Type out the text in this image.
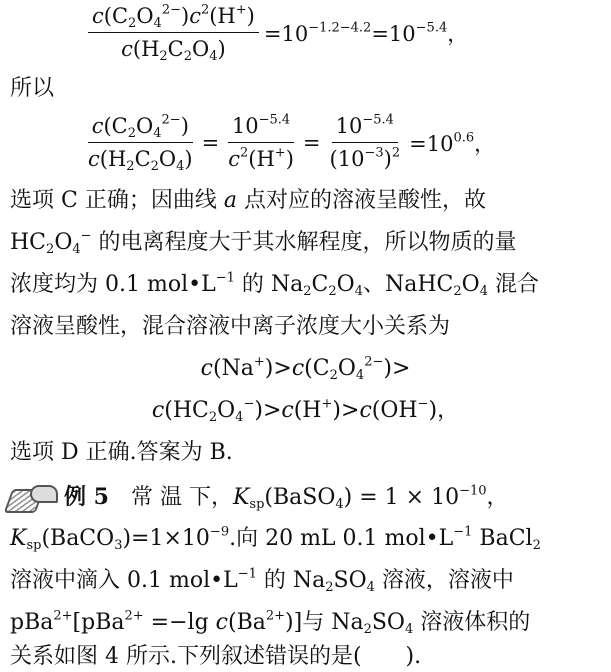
$\frac{c(C_2O_4^{2-})c^2(H^+)}{c(H_2C_2O_4)} =10^{-1.2-4.2}=10^{-5.4}$，
所以
$\frac{c(C_2O_4^{2-})}{c(H_2C_2O_4)} = \frac{10^{-5.4}}{c^2(H^+)} = \frac{10^{-5.4}}{(10^{-3})^2} =10^{0.6}$，
选项 C 正确；因曲线 a 点对应的溶液呈酸性，故
$HC_2O_4^-$ 的电离程度大于其水解程度，所以物质的量
浓度均为 0.1 $mol•L^{-1}$ 的 $Na_2C_2O_4$、$NaHC_2O_4$ 混合
溶液呈酸性，混合溶液中离子浓度大小关系为
$c(Na^+)>c(C_2O_4^{2-})>$
$c(HC_2O_4^-)>c(H^+)>c(OH^-)$，
选项 D 正确.答案为 B.
例 5　常 温 下，$K_{sp}(BaSO_4) = 1 \times 10^{-10}$，
$K_{sp}(BaCO_3)=1\times 10^{-9}$.向 20 mL 0.1 $mol•L^{-1}$ BaCl$_2$
溶液中滴入 0.1 $mol•L^{-1}$ 的 $Na_2SO_4$ 溶液，溶液中
pBa$^{2+}$[pBa$^{2+}$ =−lg $c(Ba^{2+})$]与 $Na_2SO_4$ 溶液体积的
关系如图 4 所示.下列叙述错误的是(　　).
